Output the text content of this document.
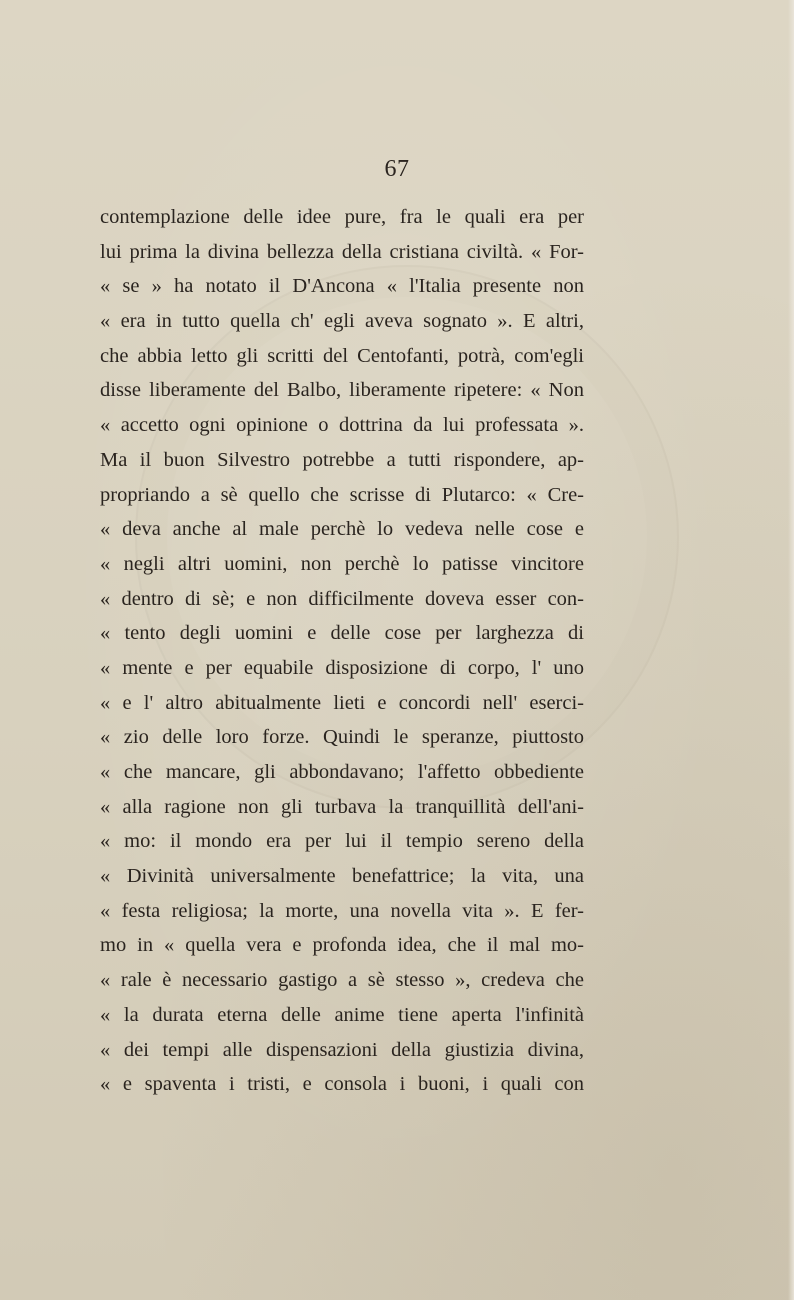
67
contemplazione delle idee pure, fra le quali era per
lui prima la divina bellezza della cristiana civiltà. « For-
« se » ha notato il D'Ancona « l'Italia presente non
« era in tutto quella ch' egli aveva sognato ». E altri,
che abbia letto gli scritti del Centofanti, potrà, com'egli
disse liberamente del Balbo, liberamente ripetere: « Non
« accetto ogni opinione o dottrina da lui professata ».
Ma il buon Silvestro potrebbe a tutti rispondere, ap-
propriando a sè quello che scrisse di Plutarco: « Cre-
« deva anche al male perchè lo vedeva nelle cose e
« negli altri uomini, non perchè lo patisse vincitore
« dentro di sè; e non difficilmente doveva esser con-
« tento degli uomini e delle cose per larghezza di
« mente e per equabile disposizione di corpo, l' uno
« e l' altro abitualmente lieti e concordi nell' eserci-
« zio delle loro forze. Quindi le speranze, piuttosto
« che mancare, gli abbondavano; l'affetto obbediente
« alla ragione non gli turbava la tranquillità dell'ani-
« mo: il mondo era per lui il tempio sereno della
« Divinità universalmente benefattrice; la vita, una
« festa religiosa; la morte, una novella vita ». E fer-
mo in « quella vera e profonda idea, che il mal mo-
« rale è necessario gastigo a sè stesso », credeva che
« la durata eterna delle anime tiene aperta l'infinità
« dei tempi alle dispensazioni della giustizia divina,
« e spaventa i tristi, e consola i buoni, i quali con
